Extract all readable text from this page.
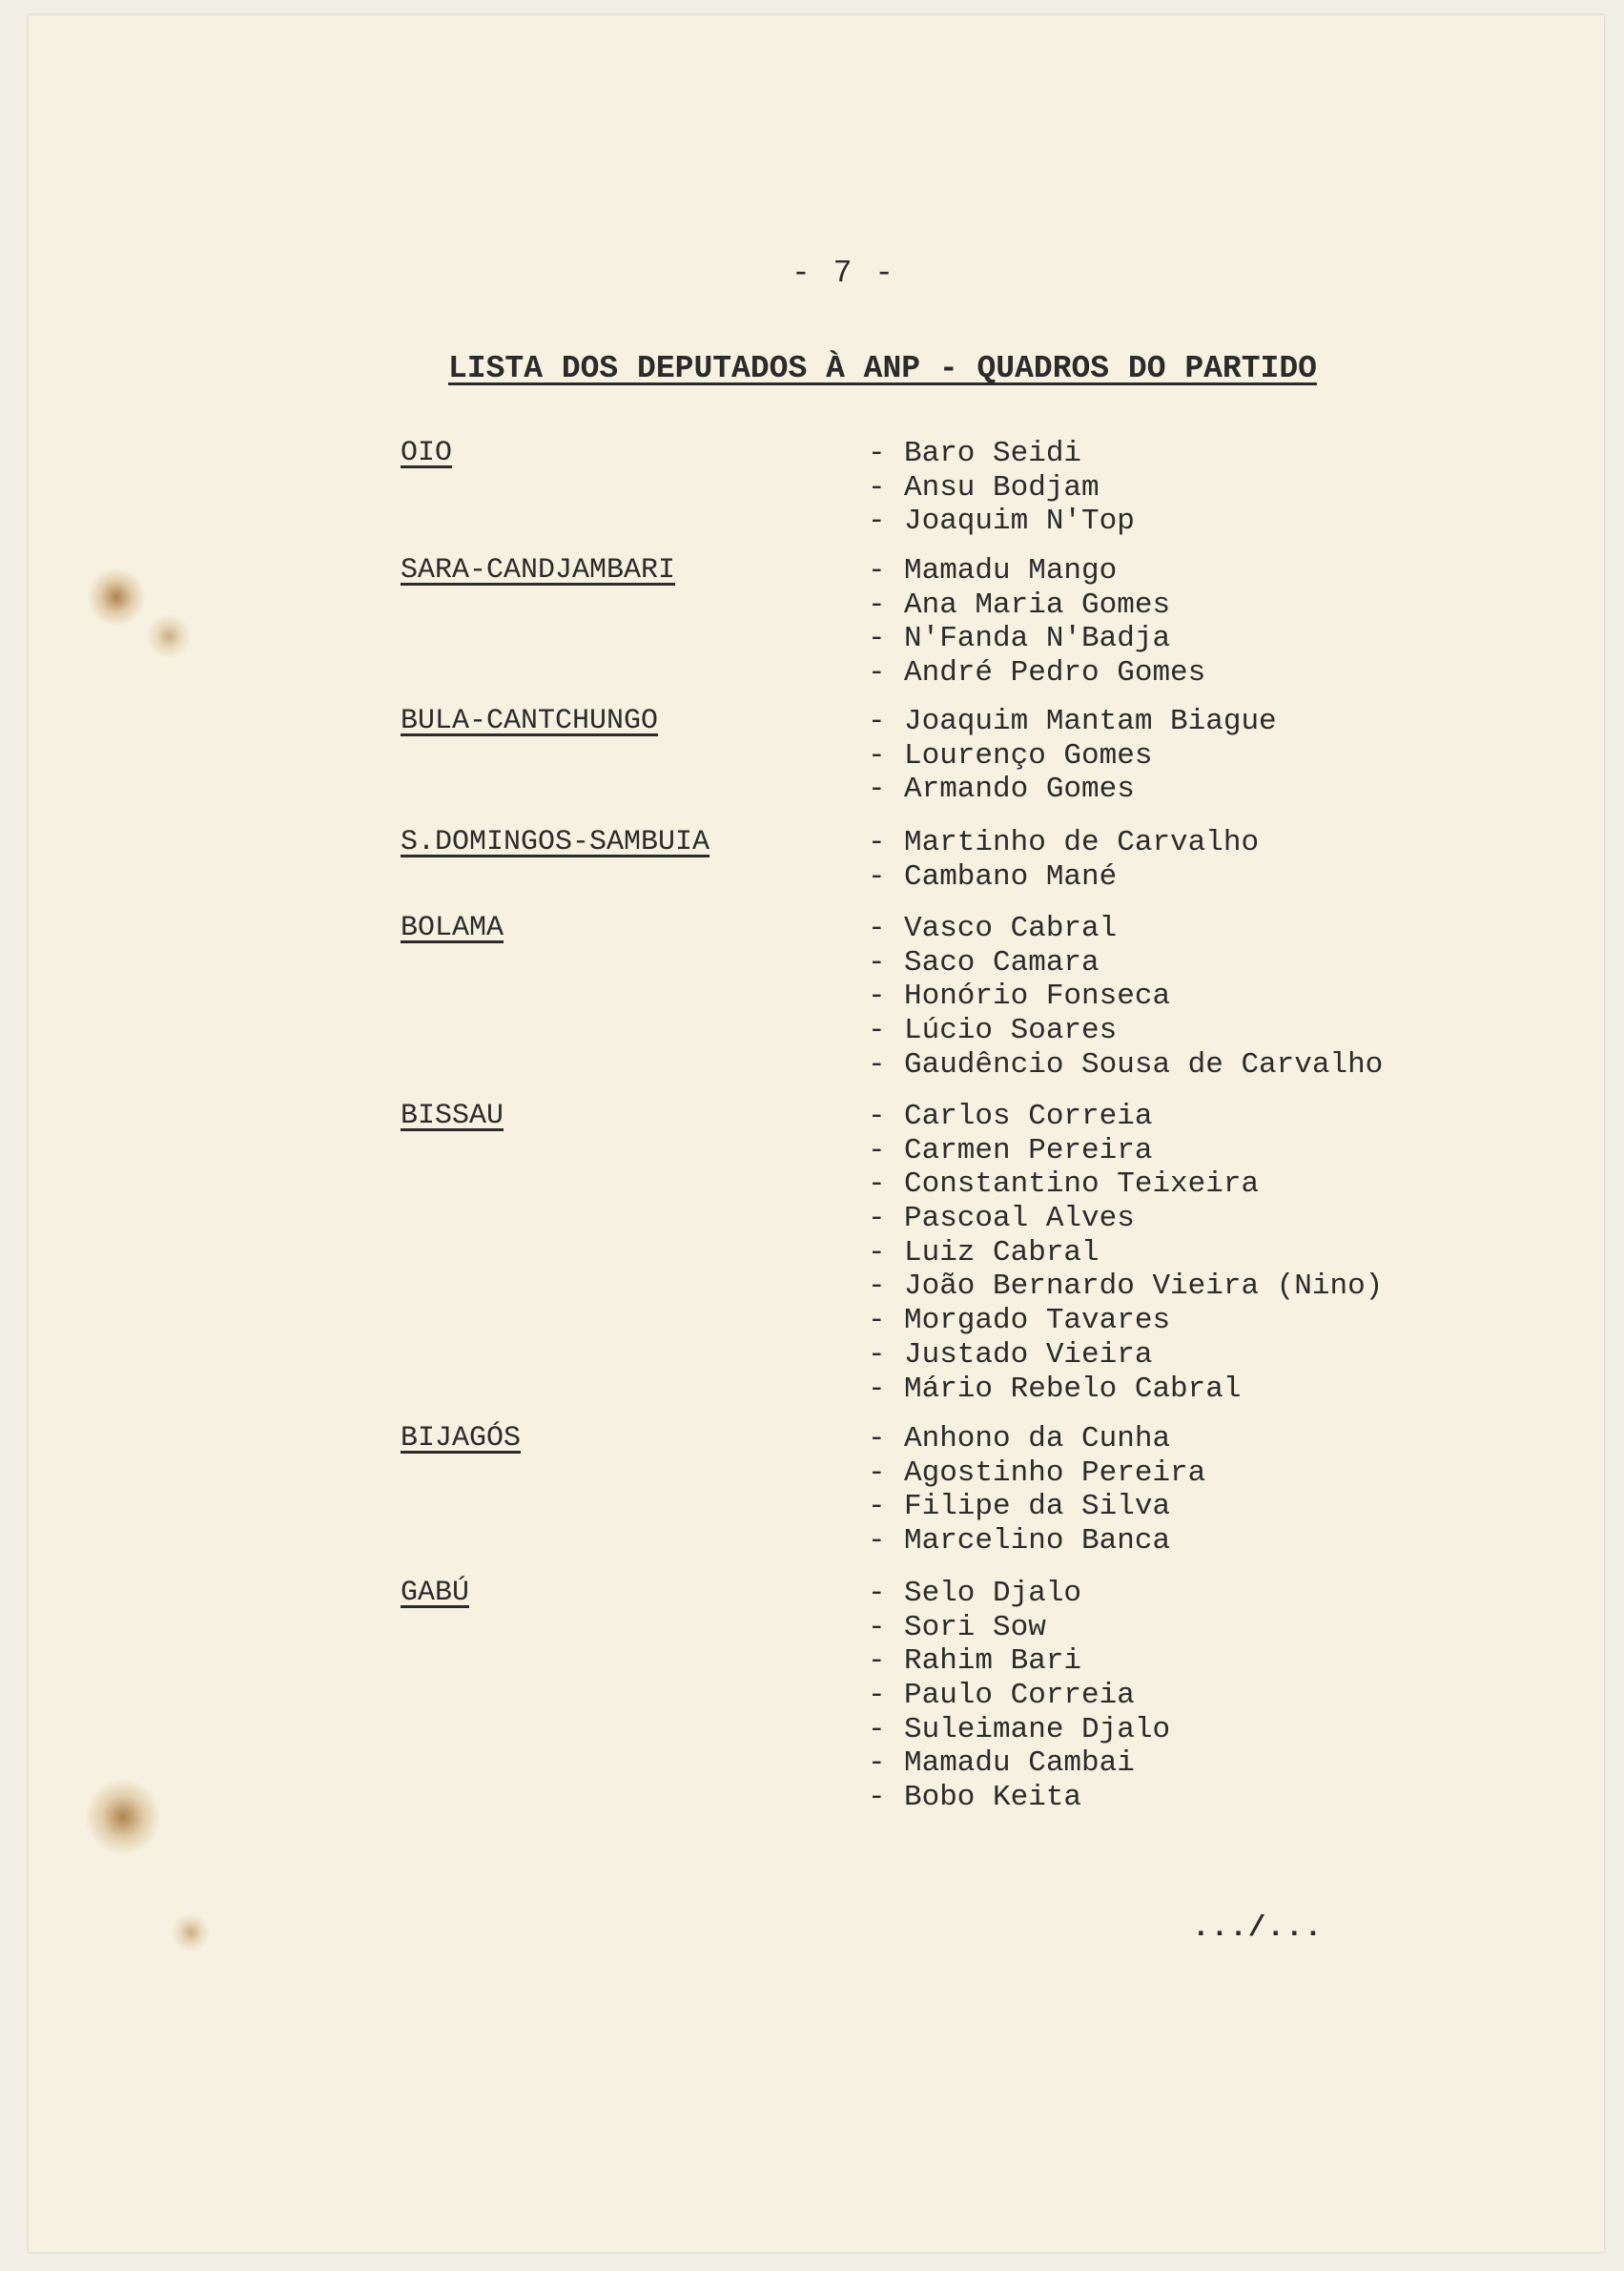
- 7 -
LISTA DOS DEPUTADOS À ANP - QUADROS DO PARTIDO
OIO	- Baro Seidi
- Ansu Bodjam
- Joaquim N'Top
SARA-CANDJAMBARI	- Mamadu Mango
- Ana Maria Gomes
- N'Fanda N'Badja
- André Pedro Gomes
BULA-CANTCHUNGO	- Joaquim Mantam Biague
- Lourenço Gomes
- Armando Gomes
S.DOMINGOS-SAMBUIA	- Martinho de Carvalho
- Cambano Mané
BOLAMA	- Vasco Cabral
- Saco Camara
- Honório Fonseca
- Lúcio Soares
- Gaudêncio Sousa de Carvalho
BISSAU	- Carlos Correia
- Carmen Pereira
- Constantino Teixeira
- Pascoal Alves
- Luiz Cabral
- João Bernardo Vieira (Nino)
- Morgado Tavares
- Justado Vieira
- Mário Rebelo Cabral
BIJAGÓS	- Anhono da Cunha
- Agostinho Pereira
- Filipe da Silva
- Marcelino Banca
GABÚ	- Selo Djalo
- Sori Sow
- Rahim Bari
- Paulo Correia
- Suleimane Djalo
- Mamadu Cambai
- Bobo Keita
.../...
